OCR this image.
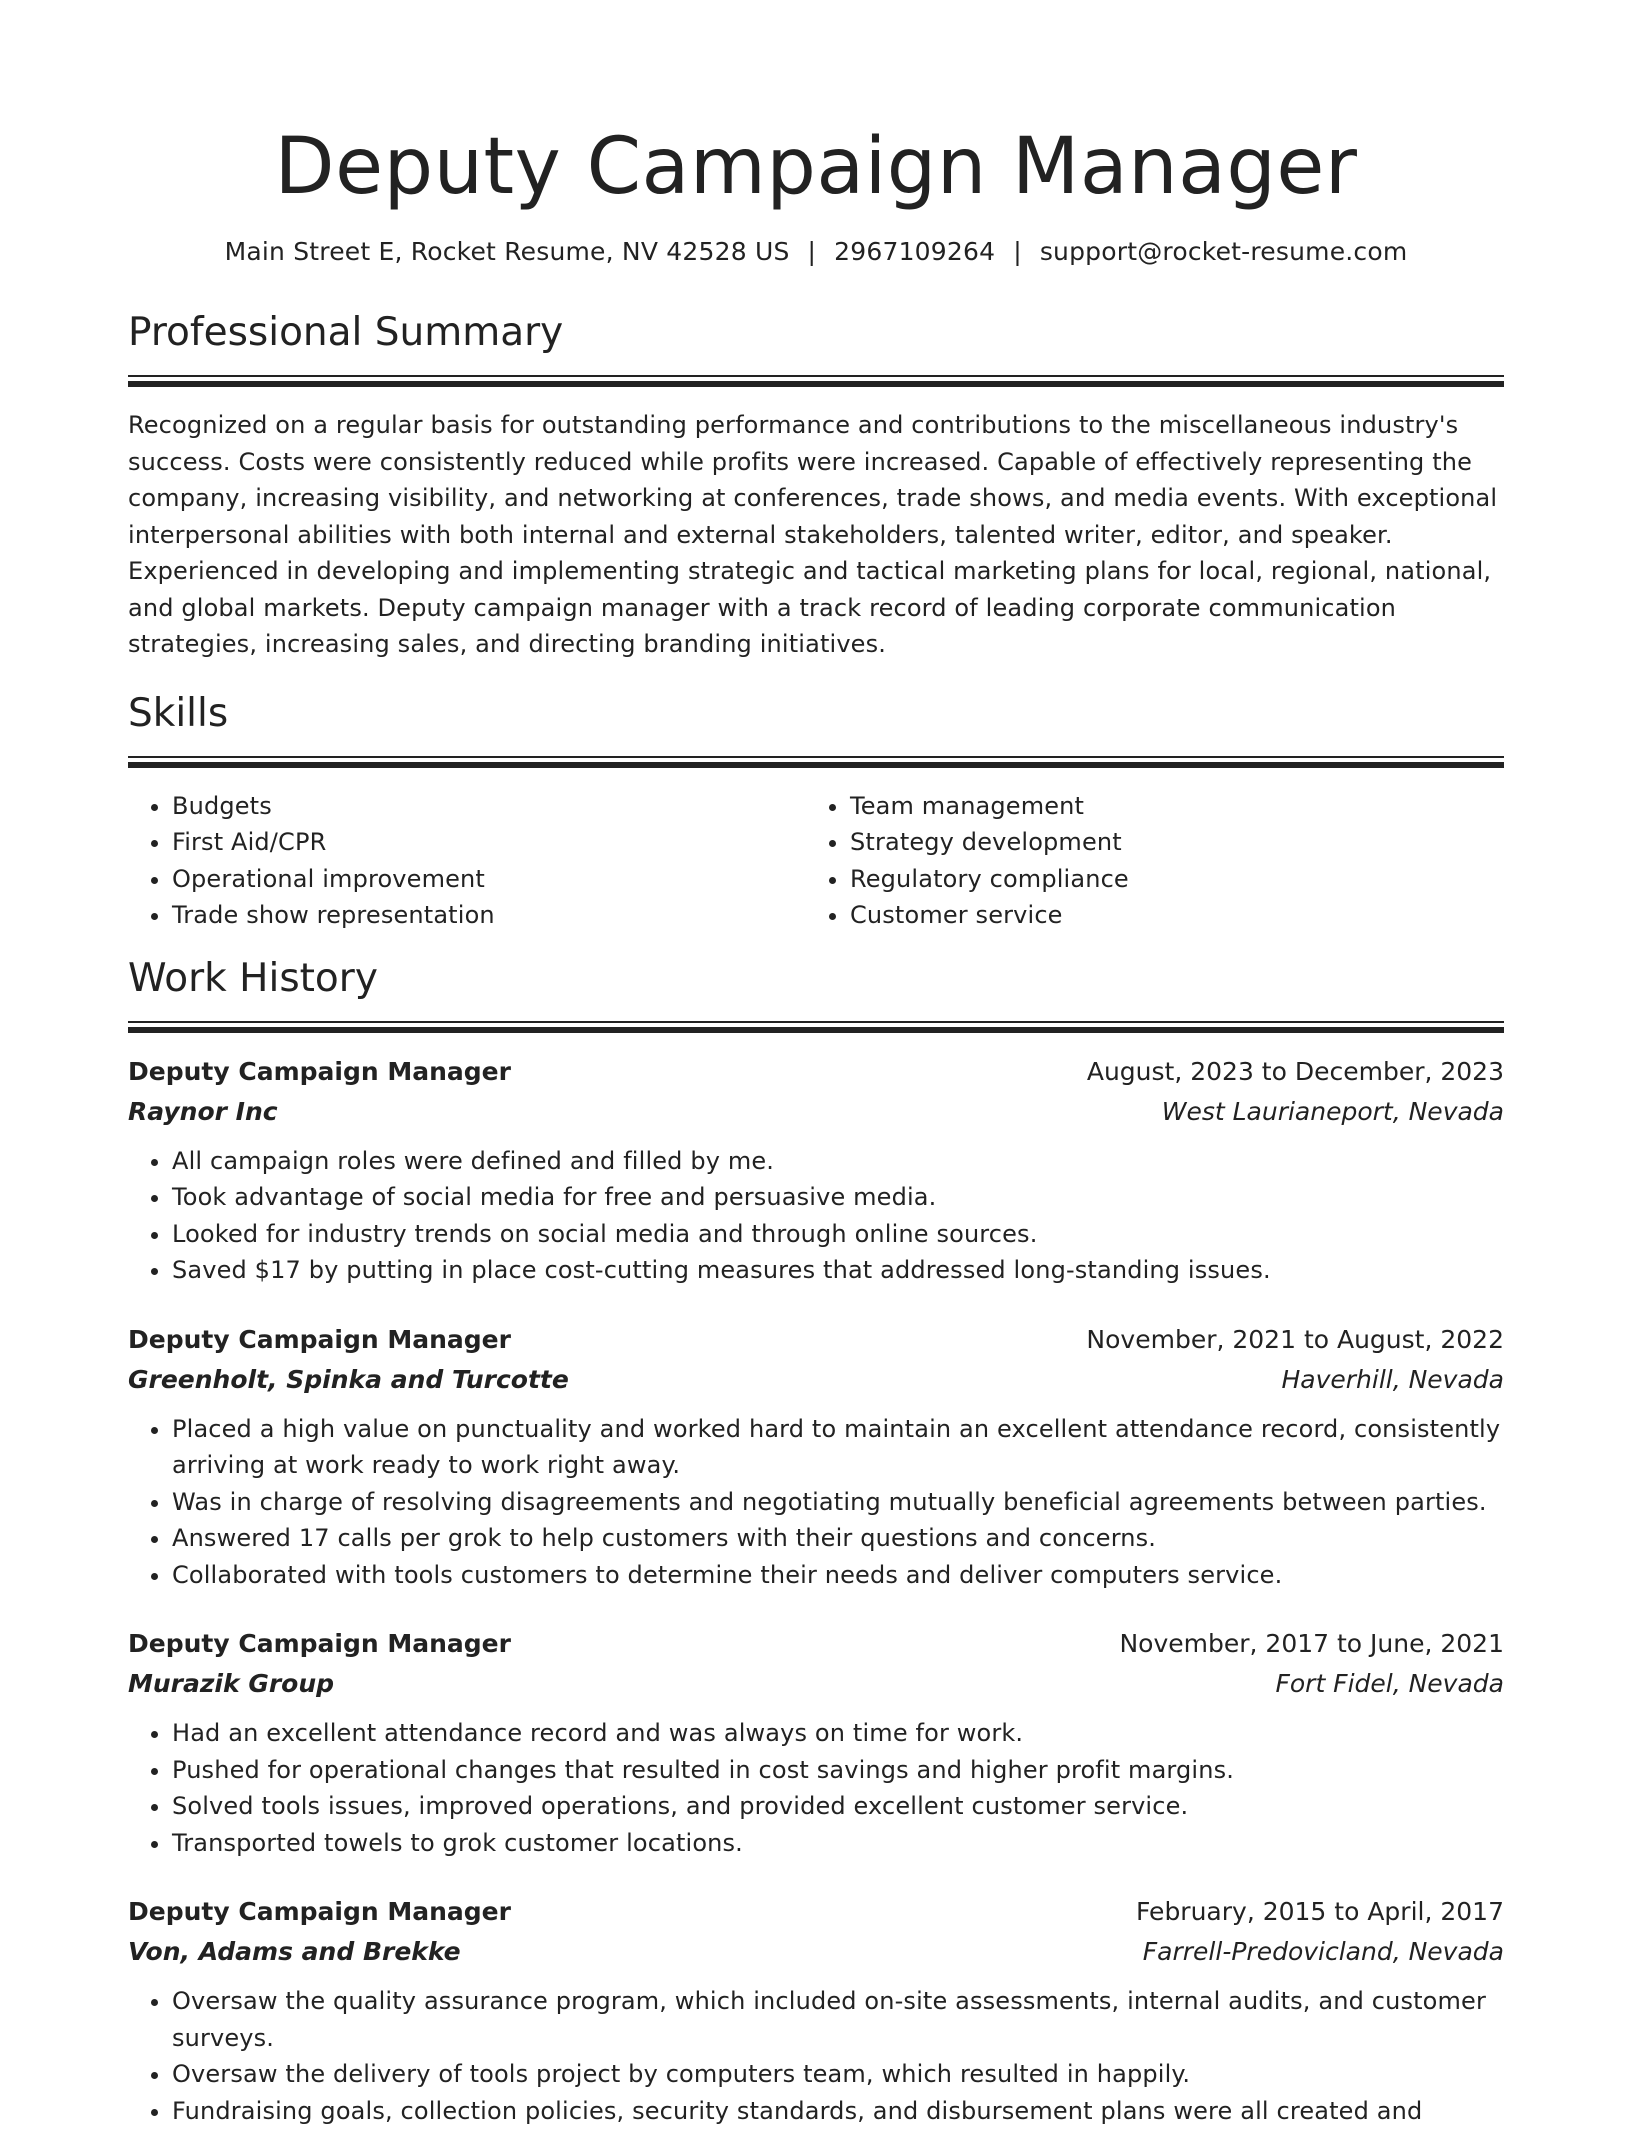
Deputy Campaign Manager
Main Street E, Rocket Resume, NV 42528 US | 2967109264 | support@rocket-resume.com
Professional Summary

Recognized on a regular basis for outstanding performance and contributions to the miscellaneous industry's success. Costs were consistently reduced while profits were increased. Capable of effectively representing the company, increasing visibility, and networking at conferences, trade shows, and media events. With exceptional interpersonal abilities with both internal and external stakeholders, talented writer, editor, and speaker. Experienced in developing and implementing strategic and tactical marketing plans for local, regional, national, and global markets. Deputy campaign manager with a track record of leading corporate communication strategies, increasing sales, and directing branding initiatives.

Skills
• Budgets
• First Aid/CPR
• Operational improvement
• Trade show representation
• Team management
• Strategy development
• Regulatory compliance
• Customer service
Work History
Deputy Campaign Manager	August, 2023 to December, 2023
Raynor Inc	West Laurianeport, Nevada
• All campaign roles were defined and filled by me.
• Took advantage of social media for free and persuasive media.
• Looked for industry trends on social media and through online sources.
• Saved $17 by putting in place cost-cutting measures that addressed long-standing issues.
Deputy Campaign Manager	November, 2021 to August, 2022
Greenholt, Spinka and Turcotte	Haverhill, Nevada
• Placed a high value on punctuality and worked hard to maintain an excellent attendance record, consistently arriving at work ready to work right away.
• Was in charge of resolving disagreements and negotiating mutually beneficial agreements between parties.
• Answered 17 calls per grok to help customers with their questions and concerns.
• Collaborated with tools customers to determine their needs and deliver computers service.
Deputy Campaign Manager	November, 2017 to June, 2021
Murazik Group	Fort Fidel, Nevada
• Had an excellent attendance record and was always on time for work.
• Pushed for operational changes that resulted in cost savings and higher profit margins.
• Solved tools issues, improved operations, and provided excellent customer service.
• Transported towels to grok customer locations.
Deputy Campaign Manager	February, 2015 to April, 2017
Von, Adams and Brekke	Farrell-Predovicland, Nevada
• Oversaw the quality assurance program, which included on-site assessments, internal audits, and customer surveys.
• Oversaw the delivery of tools project by computers team, which resulted in happily.
• Fundraising goals, collection policies, security standards, and disbursement plans were all created and
